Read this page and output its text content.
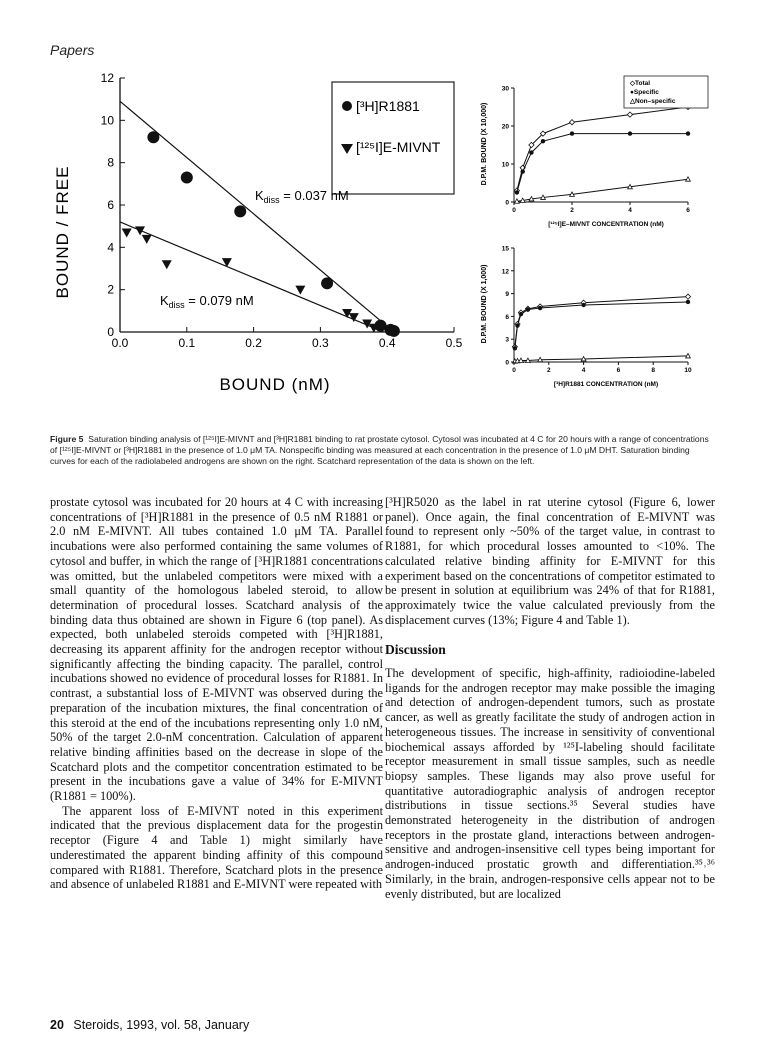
Papers
0.0	0.1	0.2	0.3	0.4	0.5
0
2
4
6
8
10
12
[³H]R1881
[¹²⁵I]E-MIVNT
$K_{diss} = 0.037$ nM
$K_{diss} = 0.079$ nM
BOUND / FREE
BOUND (nM)
0	2	4	6
0
10
20
30
◇Total
●Specific
△Non–specific
D.P.M. BOUND (X 10,000)
[¹²⁵I]E–MIVNT CONCENTRATION (nM)
0	2	4	6	8	10
0
3
6
9
12
15
D.P.M. BOUND (X 1,000)
[³H]R1881 CONCENTRATION (nM)
Figure 5 Saturation binding analysis of [¹²⁵I]E-MIVNT and [³H]R1881 binding to rat prostate cytosol. Cytosol was incubated at 4 C for 20 hours with a range of concentrations of [¹²⁵I]E-MIVNT or [³H]R1881 in the presence of 1.0 μM TA. Nonspecific binding was measured at each concentration in the presence of 1.0 μM DHT. Saturation binding curves for each of the radiolabeled androgens are shown on the right. Scatchard representation of the data is shown on the left.

prostate cytosol was incubated for 20 hours at 4 C with increasing concentrations of [³H]R1881 in the presence of 0.5 nM R1881 or 2.0 nM E-MIVNT. All tubes contained 1.0 μM TA. Parallel incubations were also performed containing the same volumes of cytosol and buffer, in which the range of [³H]R1881 concentrations was omitted, but the unlabeled competitors were mixed with a small quantity of the homologous labeled steroid, to allow determination of procedural losses. Scatchard analysis of the binding data thus obtained are shown in Figure 6 (top panel). As expected, both unlabeled steroids competed with [³H]R1881, decreasing its apparent affinity for the androgen receptor without significantly affecting the binding capacity. The parallel, control incubations showed no evidence of procedural losses for R1881. In contrast, a substantial loss of E-MIVNT was observed during the preparation of the incubation mixtures, the final concentration of this steroid at the end of the incubations representing only 1.0 nM, 50% of the target 2.0-nM concentration. Calculation of apparent relative binding affinities based on the decrease in slope of the Scatchard plots and the competitor concentration estimated to be present in the incubations gave a value of 34% for E-MIVNT (R1881 = 100%).

The apparent loss of E-MIVNT noted in this experiment indicated that the previous displacement data for the progestin receptor (Figure 4 and Table 1) might similarly have underestimated the apparent binding affinity of this compound compared with R1881. Therefore, Scatchard plots in the presence and absence of unlabeled R1881 and E-MIVNT were repeated with

[³H]R5020 as the label in rat uterine cytosol (Figure 6, lower panel). Once again, the final concentration of E-MIVNT was found to represent only ~50% of the target value, in contrast to R1881, for which procedural losses amounted to <10%. The calculated relative binding affinity for E-MIVNT for this experiment based on the concentrations of competitor estimated to be present in solution at equilibrium was 24% of that for R1881, approximately twice the value calculated previously from the displacement curves (13%; Figure 4 and Table 1).

Discussion

The development of specific, high-affinity, radioiodine-labeled ligands for the androgen receptor may make possible the imaging and detection of androgen-dependent tumors, such as prostate cancer, as well as greatly facilitate the study of androgen action in heterogeneous tissues. The increase in sensitivity of conventional biochemical assays afforded by ¹²⁵I-labeling should facilitate receptor measurement in small tissue samples, such as needle biopsy samples. These ligands may also prove useful for quantitative autoradiographic analysis of androgen receptor distributions in tissue sections.³⁵ Several studies have demonstrated heterogeneity in the distribution of androgen receptors in the prostate gland, interactions between androgen-sensitive and androgen-insensitive cell types being important for androgen-induced prostatic growth and differentiation.³⁵˒³⁶ Similarly, in the brain, androgen-responsive cells appear not to be evenly distributed, but are localized

20 Steroids, 1993, vol. 58, January
